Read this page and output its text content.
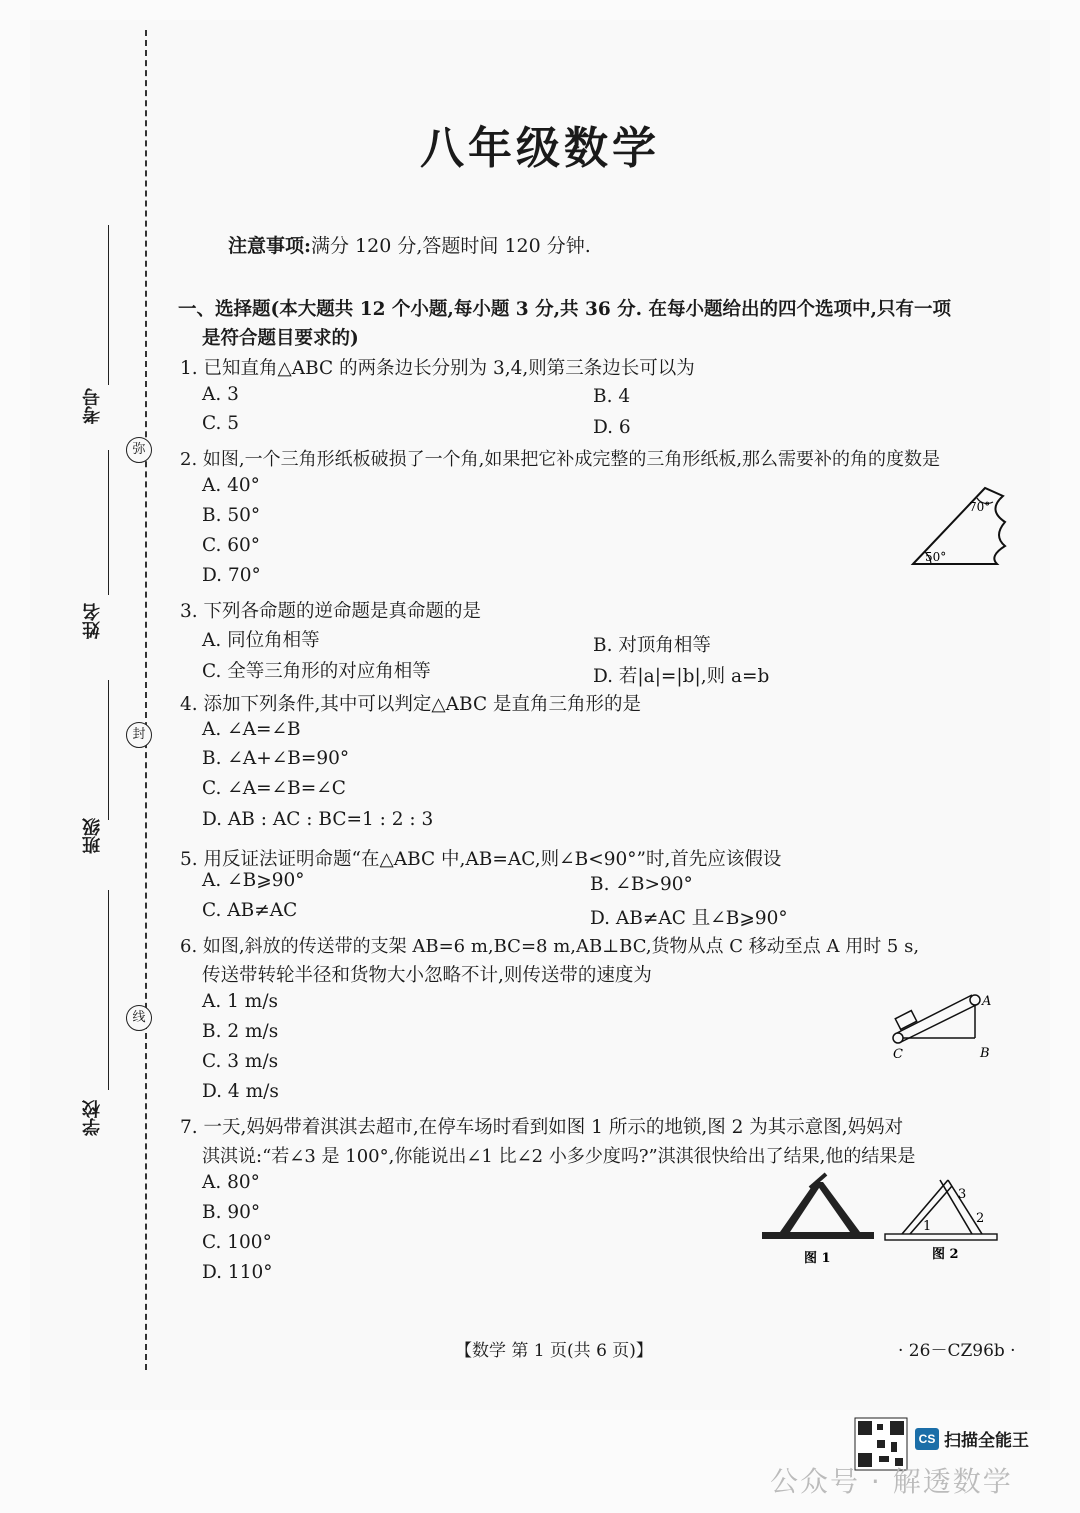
考号
姓名
班级
学校
弥
封
线
八年级数学
注意事项:满分 120 分,答题时间 120 分钟.
一、选择题(本大题共 12 个小题,每小题 3 分,共 36 分. 在每小题给出的四个选项中,只有一项
是符合题目要求的)
1. 已知直角△ABC 的两条边长分别为 3,4,则第三条边长可以为
A. 3	B. 4
C. 5	D. 6
2. 如图,一个三角形纸板破损了一个角,如果把它补成完整的三角形纸板,那么需要补的角的度数是
A. 40°
B. 50°
C. 60°
D. 70°
70°
50°
3. 下列各命题的逆命题是真命题的是
A. 同位角相等	B. 对顶角相等
C. 全等三角形的对应角相等	D. 若|a|=|b|,则 a=b
4. 添加下列条件,其中可以判定△ABC 是直角三角形的是
A. ∠A=∠B
B. ∠A+∠B=90°
C. ∠A=∠B=∠C
D. AB : AC : BC=1 : 2 : 3
5. 用反证法证明命题“在△ABC 中,AB=AC,则∠B<90°”时,首先应该假设
A. ∠B⩾90°	B. ∠B>90°
C. AB≠AC	D. AB≠AC 且∠B⩾90°
6. 如图,斜放的传送带的支架 AB=6 m,BC=8 m,AB⊥BC,货物从点 C 移动至点 A 用时 5 s,
传送带转轮半径和货物大小忽略不计,则传送带的速度为
A. 1 m/s
B. 2 m/s
C. 3 m/s
D. 4 m/s
A
B
C
7. 一天,妈妈带着淇淇去超市,在停车场时看到如图 1 所示的地锁,图 2 为其示意图,妈妈对
淇淇说:“若∠3 是 100°,你能说出∠1 比∠2 小多少度吗?”淇淇很快给出了结果,他的结果是
A. 80°
B. 90°
C. 100°
D. 110°
图 1
1
2
3
图 2
【数学 第 1 页(共 6 页)】	· 26－CZ96b ·
CS 扫描全能王
公众号 · 解透数学
